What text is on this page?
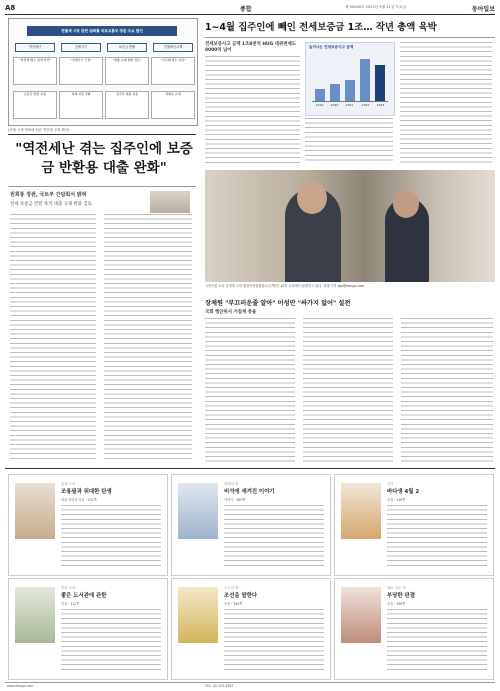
A8	종합	제 00000호 2023년 5월 11일 목요일	동아일보
전월세 시장 관련 원희룡 국토교통부 장관 주요 발언
역전세난	전세사기	보증금 반환	전월세신고제
"역전세 해소 대책 마련"	"전세사기 근절"	"대출 규제 완화 검토"	"신고제 계도 연장"
보증금 반환 지원	피해 지원 강화	집주인 대출 허용	과태료 유예
(전세 시세 하락에 따른 역전세 우려 확산)
"역전세난 겪는 집주인에 보증금 반환용 대출 완화"
원희룡 장관, 국토부 간담회서 밝혀
전세 보증금 반환 목적 대출 규제 완화 검토
1~4월 집주인에 빼인 전세보증금 1조… 작년 총액 육박
전세보증사고 금액 1조8천억 HUG 대위변제도 8000억 넘어
늘어나는 전세보증사고 금액
2019	2020	2021	2022	2023
국민의힘 소속 김정재 국회 행정안전위원장(오른쪽)이 10일 국회에서 답변하고 있다. 정재 기자 wjd@donga.com
장제원 "부끄러운줄 알아" 이성만 "싸가지 없어" 설전
국회 행안위서 거칠게 충돌
흥행 도서
조용필과 위대한 탄생
서울 경력자 지음 · 432쪽
화제의 책
비석에 새겨진 이야기
이야기 · 280쪽
신간
바다생 4월 2
지음 · 248쪽
추천 도서
좋은 도서관에 관한
지음 · 312쪽
오늘의 책
조선을 말한다
지음 · 264쪽
새로 나온 책
부당한 판결
지음 · 296쪽
www.donga.com	TEL: 02-123-4567
